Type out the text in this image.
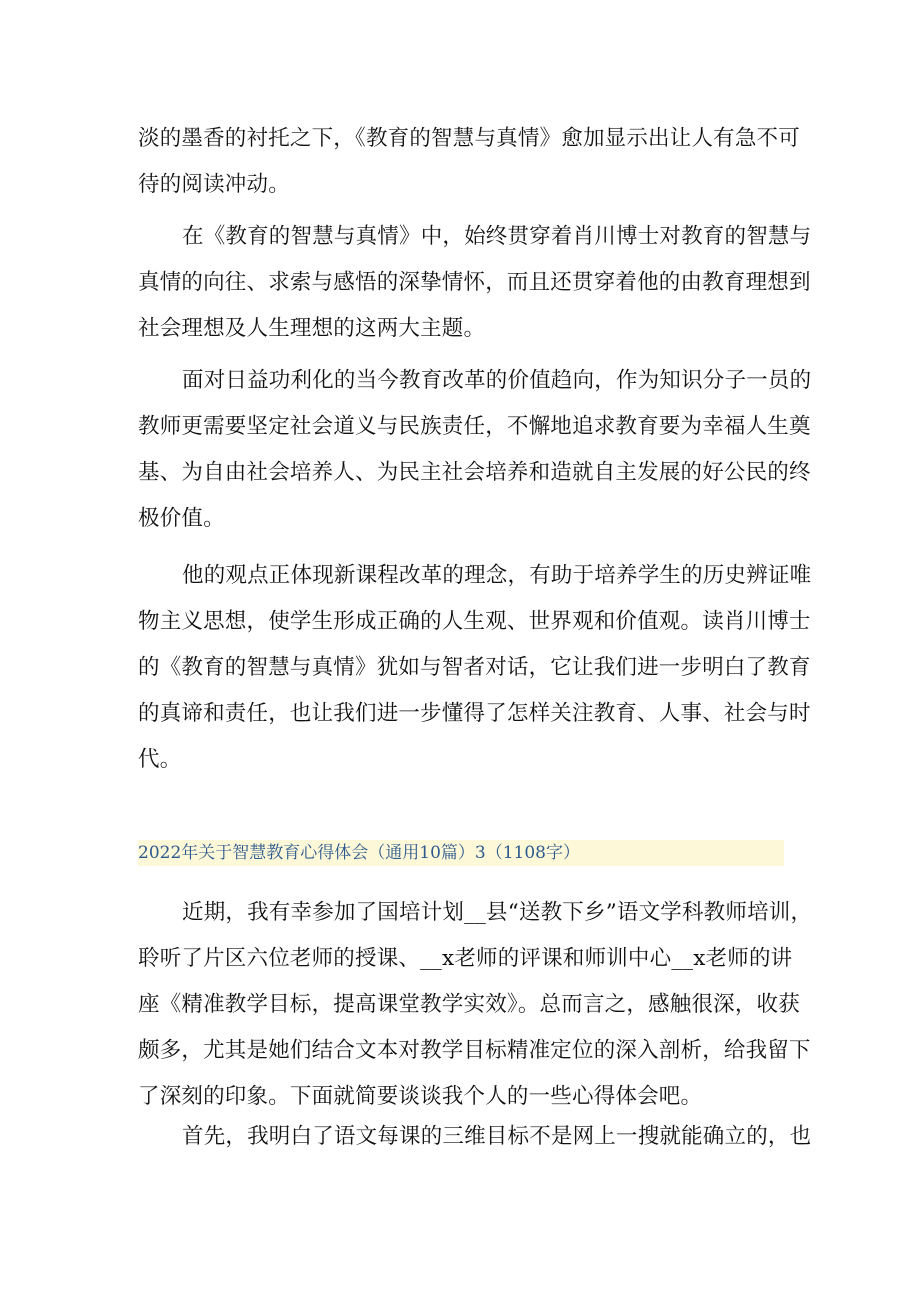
淡的墨香的衬托之下，《教育的智慧与真情》愈加显示出让人有急不可
待的阅读冲动。

在《教育的智慧与真情》中，始终贯穿着肖川博士对教育的智慧与
真情的向往、求索与感悟的深挚情怀，而且还贯穿着他的由教育理想到
社会理想及人生理想的这两大主题。

面对日益功利化的当今教育改革的价值趋向，作为知识分子一员的
教师更需要坚定社会道义与民族责任，不懈地追求教育要为幸福人生奠
基、为自由社会培养人、为民主社会培养和造就自主发展的好公民的终
极价值。

他的观点正体现新课程改革的理念，有助于培养学生的历史辨证唯
物主义思想，使学生形成正确的人生观、世界观和价值观。读肖川博士
的《教育的智慧与真情》犹如与智者对话，它让我们进一步明白了教育
的真谛和责任，也让我们进一步懂得了怎样关注教育、人事、社会与时
代。

2022年关于智慧教育心得体会（通用10篇）3（1108字）

近期，我有幸参加了国培计划__县“送教下乡”语文学科教师培训，
聆听了片区六位老师的授课、__x老师的评课和师训中心__x老师的讲
座《精准教学目标，提高课堂教学实效》。总而言之，感触很深，收获
颇多，尤其是她们结合文本对教学目标精准定位的深入剖析，给我留下
了深刻的印象。下面就简要谈谈我个人的一些心得体会吧。

首先，我明白了语文每课的三维目标不是网上一搜就能确立的，也
